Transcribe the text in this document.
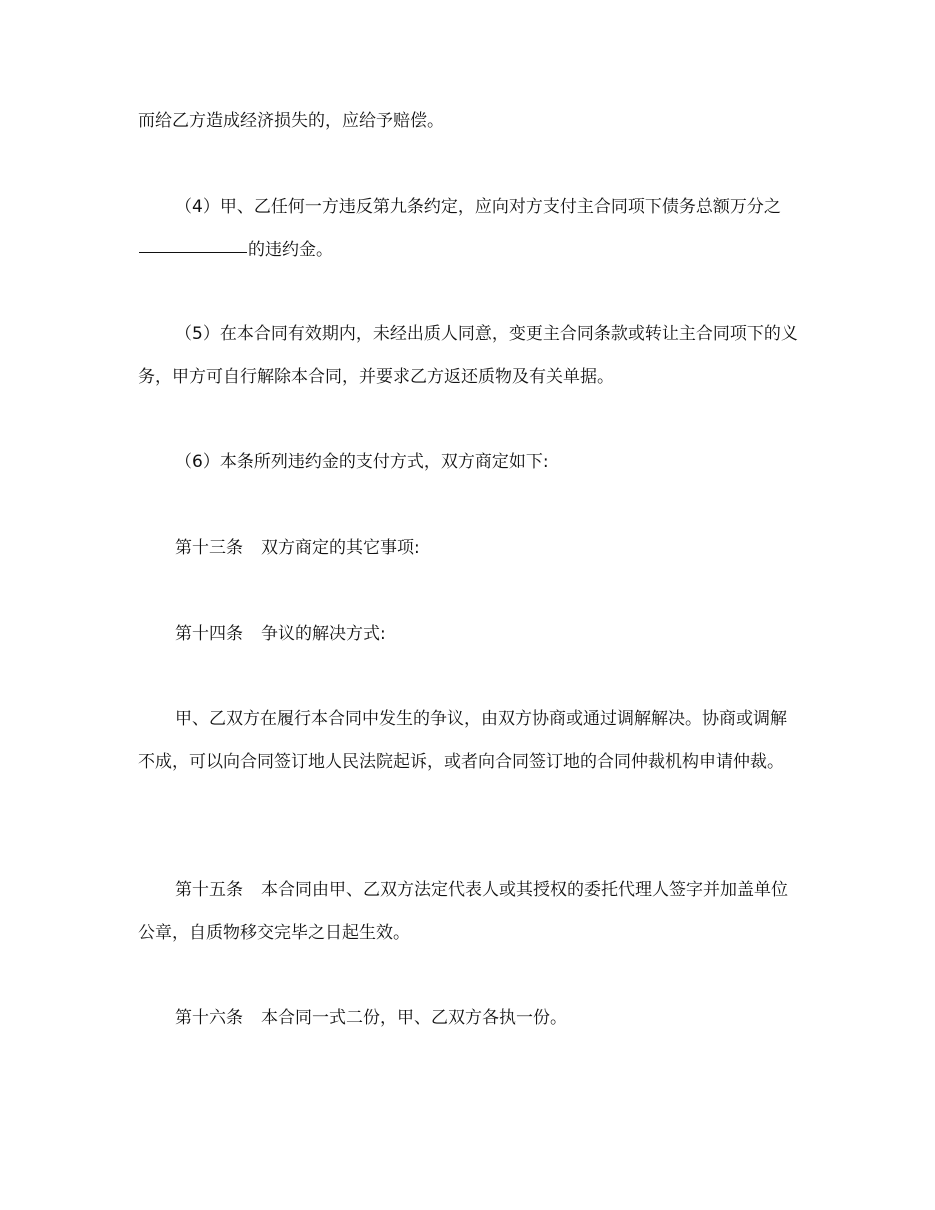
而给乙方造成经济损失的，应给予赔偿。

（4）甲、乙任何一方违反第九条约定，应向对方支付主合同项下债务总额万分之的违约金。

（5）在本合同有效期内，未经出质人同意，变更主合同条款或转让主合同项下的义务，甲方可自行解除本合同，并要求乙方返还质物及有关单据。

（6）本条所列违约金的支付方式，双方商定如下:

第十三条 双方商定的其它事项:

第十四条 争议的解决方式:

甲、乙双方在履行本合同中发生的争议，由双方协商或通过调解解决。协商或调解不成，可以向合同签订地人民法院起诉，或者向合同签订地的合同仲裁机构申请仲裁。

第十五条 本合同由甲、乙双方法定代表人或其授权的委托代理人签字并加盖单位公章，自质物移交完毕之日起生效。

第十六条 本合同一式二份，甲、乙双方各执一份。
